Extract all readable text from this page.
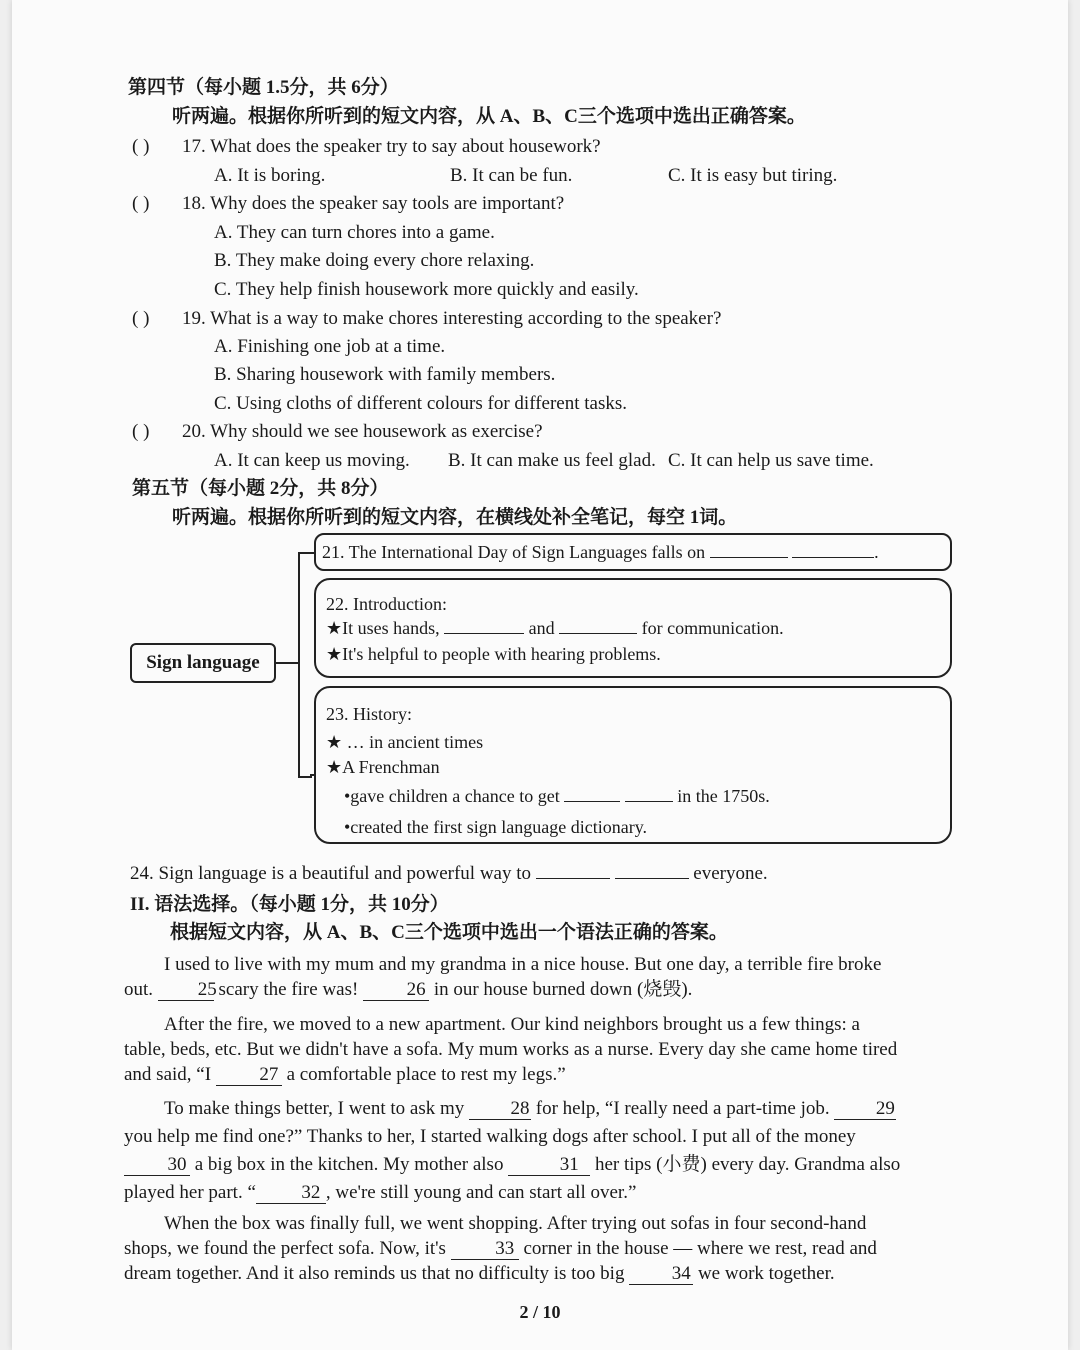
第四节（每小题 1.5分，共 6分）
听两遍。根据你所听到的短文内容，从 A、B、C三个选项中选出正确答案。
( ) 17. What does the speaker try to say about housework?
A. It is boring.	B. It can be fun.	C. It is easy but tiring.
( ) 18. Why does the speaker say tools are important?
A. They can turn chores into a game.
B. They make doing every chore relaxing.
C. They help finish housework more quickly and easily.
( ) 19. What is a way to make chores interesting according to the speaker?
A. Finishing one job at a time.
B. Sharing housework with family members.
C. Using cloths of different colours for different tasks.
( ) 20. Why should we see housework as exercise?
A. It can keep us moving. B. It can make us feel glad. C. It can help us save time.
第五节（每小题 2分，共 8分）
听两遍。根据你所听到的短文内容，在横线处补全笔记，每空 1词。
Sign language
21. The International Day of Sign Languages falls on	.
22. Introduction:
★It uses hands,	and	for communication.
★It's helpful to people with hearing problems.
23. History:
★ … in ancient times
★A Frenchman
•gave children a chance to get	in the 1750s.
•created the first sign language dictionary.
24. Sign language is a beautiful and powerful way to	everyone.
II. 语法选择。（每小题 1分，共 10分）
根据短文内容，从 A、B、C三个选项中选出一个语法正确的答案。
I used to live with my mum and my grandma in a nice house. But one day, a terrible fire broke out. 25 scary the fire was!	26 in our house burned down (烧毁).
After the fire, we moved to a new apartment. Our kind neighbors brought us a few things: a table, beds, etc. But we didn't have a sofa. My mum works as a nurse. Every day she came home tired and said, “I	27 a comfortable place to rest my legs.”
To make things better, I went to ask my 28 for help, “I really need a part-time job. 29 you help me find one?” Thanks to her, I started walking dogs after school. I put all of the money 30 a big box in the kitchen. My mother also	31 her tips (小费) every day. Grandma also played her part. “ 32 , we're still young and can start all over.”
When the box was finally full, we went shopping. After trying out sofas in four second-hand shops, we found the perfect sofa. Now, it's	33 corner in the house — where we rest, read and dream together. And it also reminds us that no difficulty is too big 34 we work together.
2 / 10
